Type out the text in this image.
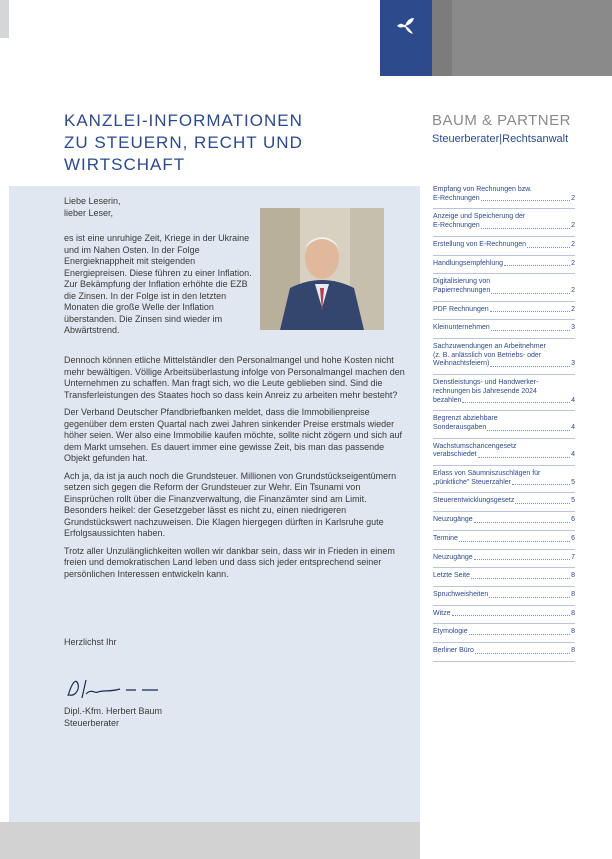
KANZLEI-INFORMATIONEN
ZU STEUERN, RECHT UND
WIRTSCHAFT
BAUM & PARTNER
Steuerberater|Rechtsanwalt

Liebe Leserin,

lieber Leser,

es ist eine unruhige Zeit, Kriege in der Ukraine und im Nahen Osten. In der Folge Energieknappheit mit steigenden Energiepreisen. Diese führen zu einer Inflation. Zur Bekämpfung der Inflation erhöhte die EZB die Zinsen. In der Folge ist in den letzten Monaten die große Welle der Inflation überstanden. Die Zinsen sind wieder im Abwärtstrend.

Dennoch können etliche Mittelständler den Personalmangel und hohe Kosten nicht mehr bewältigen. Völlige Arbeitsüberlastung infolge von Personalmangel machen den Unternehmen zu schaffen. Man fragt sich, wo die Leute geblieben sind. Sind die Transferleistungen des Staates hoch so dass kein Anreiz zu arbeiten mehr besteht?

Der Verband Deutscher Pfandbriefbanken meldet, dass die Immobilienpreise gegenüber dem ersten Quartal nach zwei Jahren sinkender Preise erstmals wieder höher seien. Wer also eine Immobilie kaufen möchte, sollte nicht zögern und sich auf dem Markt umsehen. Es dauert immer eine gewisse Zeit, bis man das passende Objekt gefunden hat.

Ach ja, da ist ja auch noch die Grundsteuer. Millionen von Grundstückseigentümern setzen sich gegen die Reform der Grundsteuer zur Wehr. Ein Tsunami von Einsprüchen rollt über die Finanzverwaltung, die Finanzämter sind am Limit. Besonders heikel: der Gesetzgeber lässt es nicht zu, einen niedrigeren Grundstückswert nachzuweisen. Die Klagen hiergegen dürften in Karlsruhe gute Erfolgsaussichten haben.

Trotz aller Unzulänglichkeiten wollen wir dankbar sein, dass wir in Frieden in einem freien und demokratischen Land leben und dass sich jeder entsprechend seiner persönlichen Interessen entwickeln kann.

Herzlichst Ihr
Dipl.-Kfm. Herbert Baum
Steuerberater
Empfang von Rechnungen bzw.
E-Rechnungen	2
Anzeige und Speicherung der
E-Rechnungen	2
Erstellung von E-Rechnungen	2
Handlungsempfehlung	2
Digitalisierung von
Papierrechnungen	2
PDF Rechnungen	2
Kleinunternehmen	3
Sachzuwendungen an Arbeitnehmer
(z. B. anlässlich von Betriebs- oder
Weihnachtsfeiern)	3
Dienstleistungs- und Handwerker-
rechnungen bis Jahresende 2024
bezahlen	4
Begrenzt abziehbare
Sonderausgaben	4
Wachstumschancengesetz
verabschiedet	4
Erlass von Säumniszuschlägen für
„pünktliche" Steuerzahler	5
Steuerentwicklungsgesetz	5
Neuzugänge	6
Termine	6
Neuzugänge	7
Letzte Seite	8
Spruchweisheiten	8
Witze	8
Etymologie	8
Berliner Büro	8
